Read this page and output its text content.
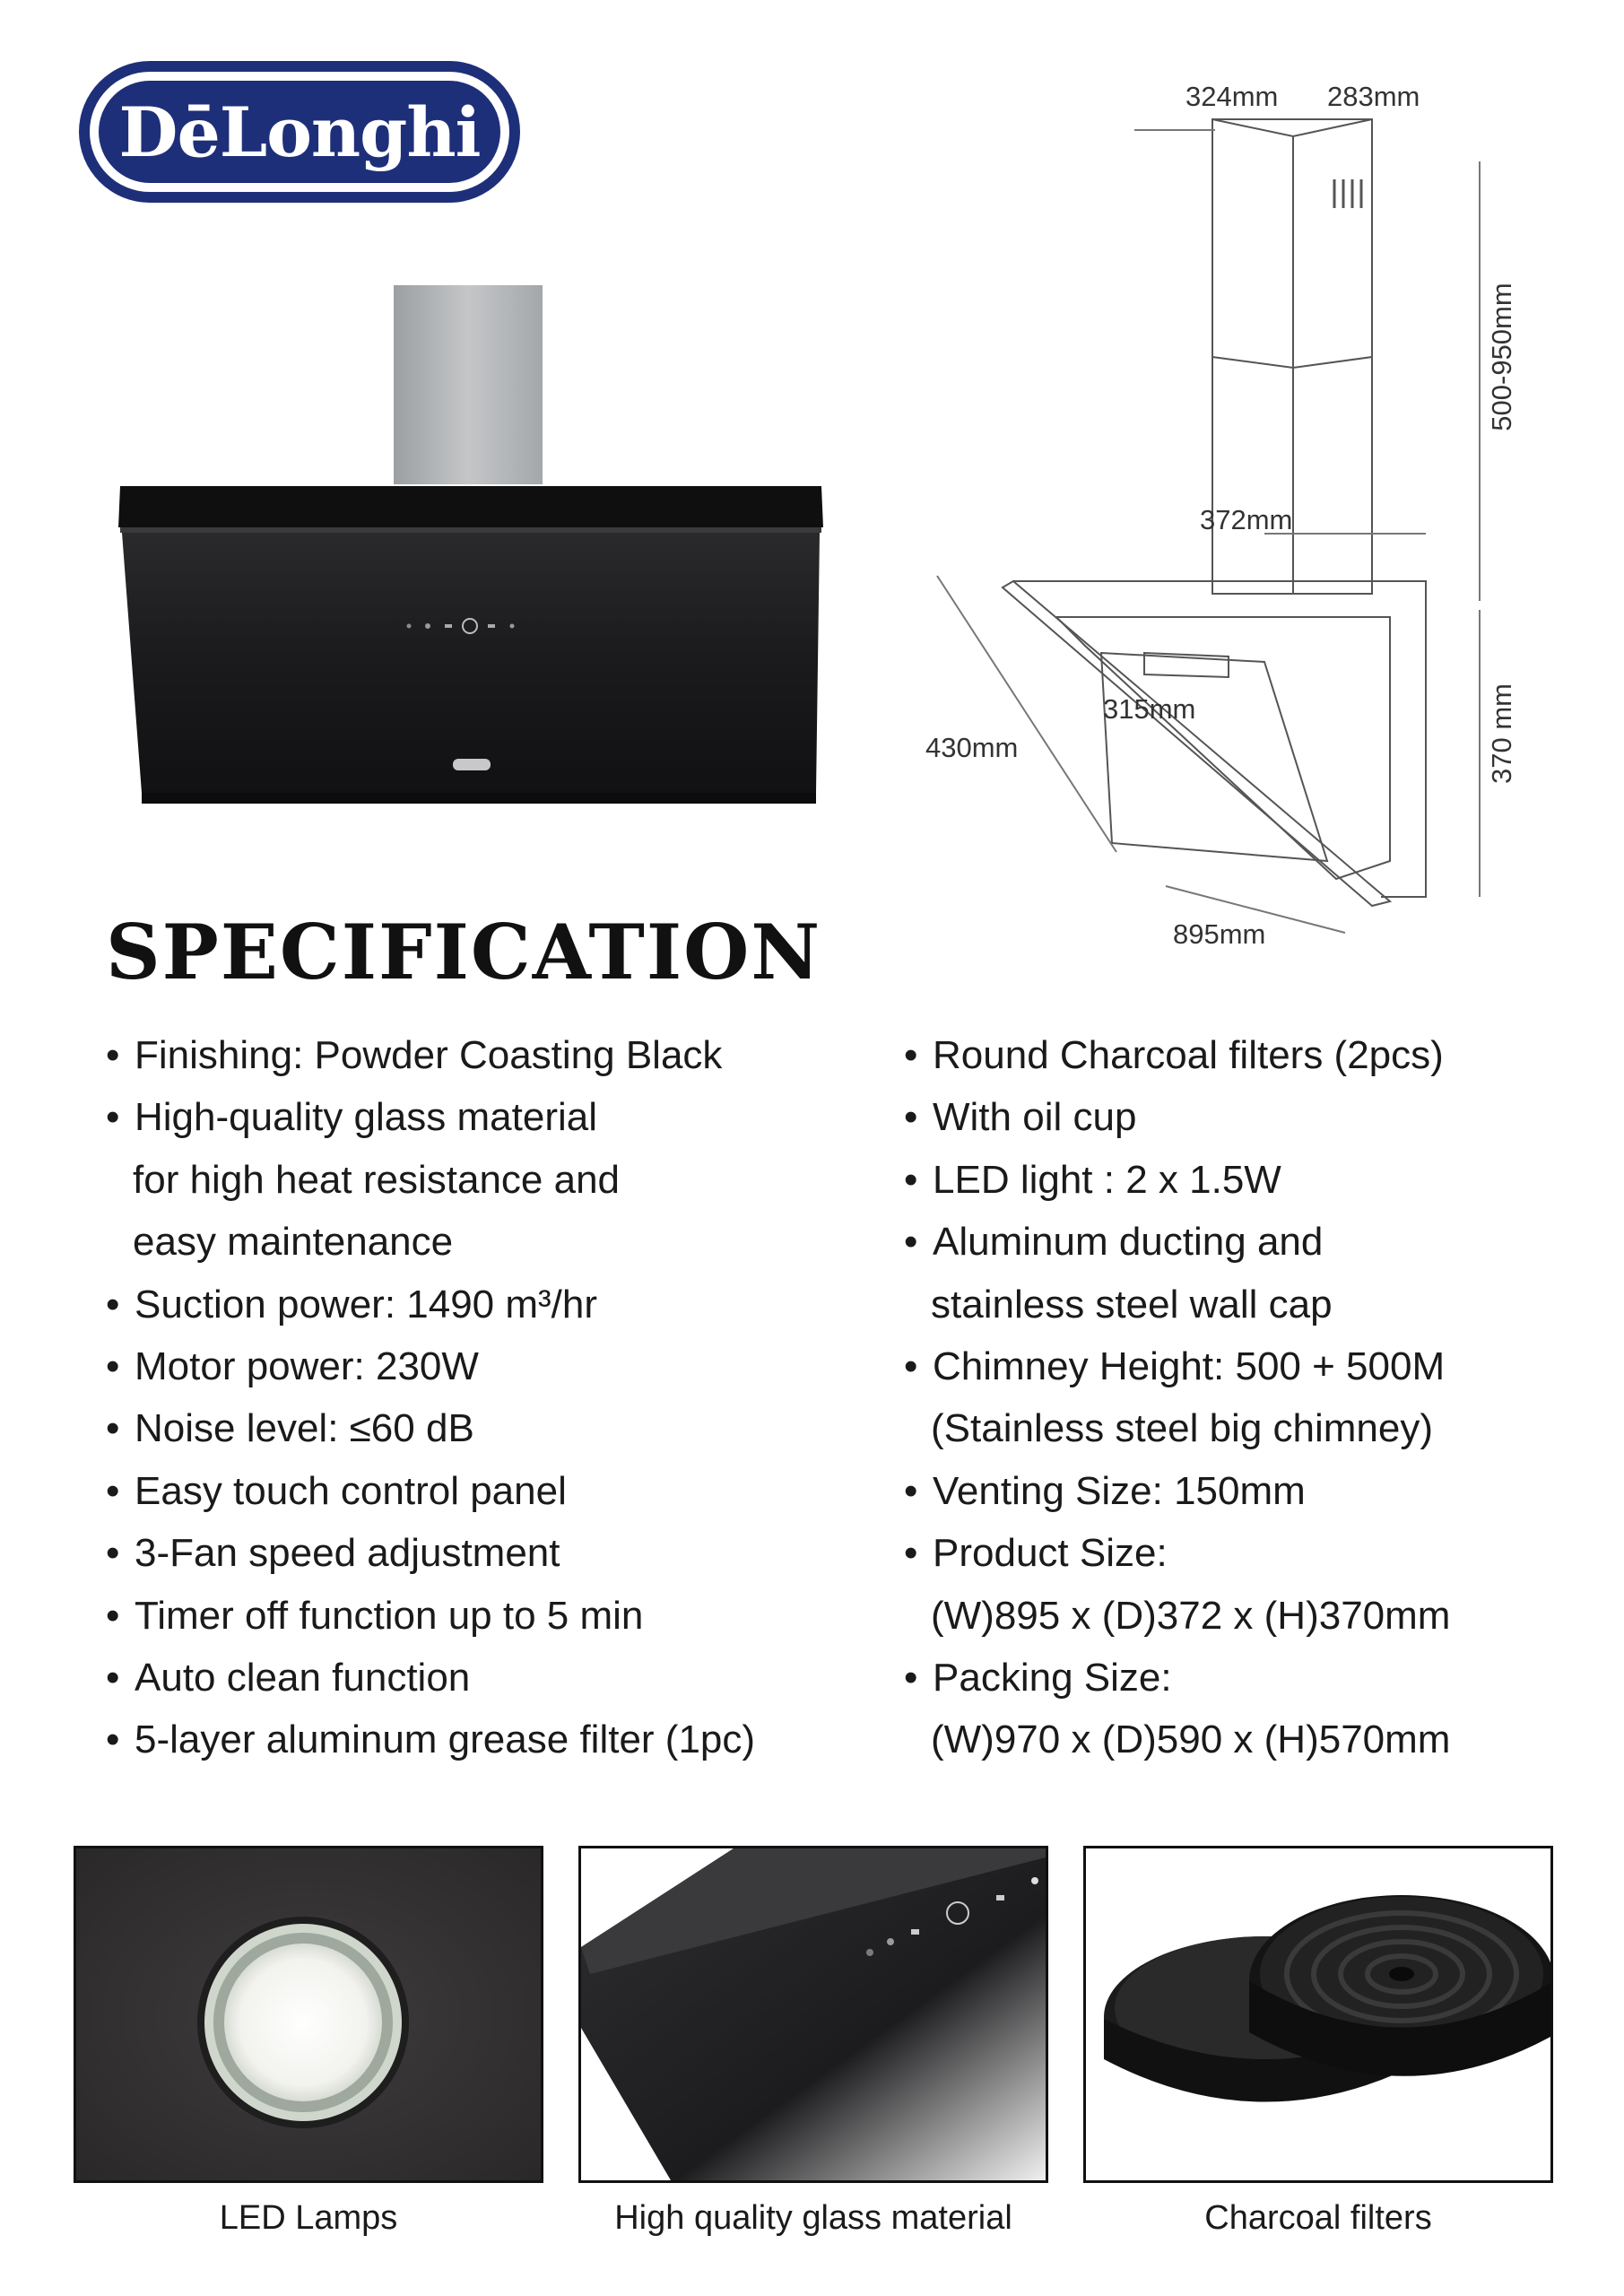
DēLonghi	324mm 283mm
500-950mm
372mm
315mm
430mm	370 mm
895mm
SPECIFICATION
• Finishing: Powder Coasting Black
• High-quality glass material
for high heat resistance and
easy maintenance
• Suction power: 1490 m³/hr
• Motor power: 230W
• Noise level: ≤60 dB
• Easy touch control panel
• 3-Fan speed adjustment
• Timer off function up to 5 min
• Auto clean function
• 5-layer aluminum grease filter (1pc)
• Round Charcoal filters (2pcs)
• With oil cup
• LED light : 2 x 1.5W
• Aluminum ducting and
stainless steel wall cap
• Chimney Height: 500 + 500M
(Stainless steel big chimney)
• Venting Size: 150mm
• Product Size:
(W)895 x (D)372 x (H)370mm
• Packing Size:
(W)970 x (D)590 x (H)570mm
LED Lamps	High quality glass material	Charcoal filters
